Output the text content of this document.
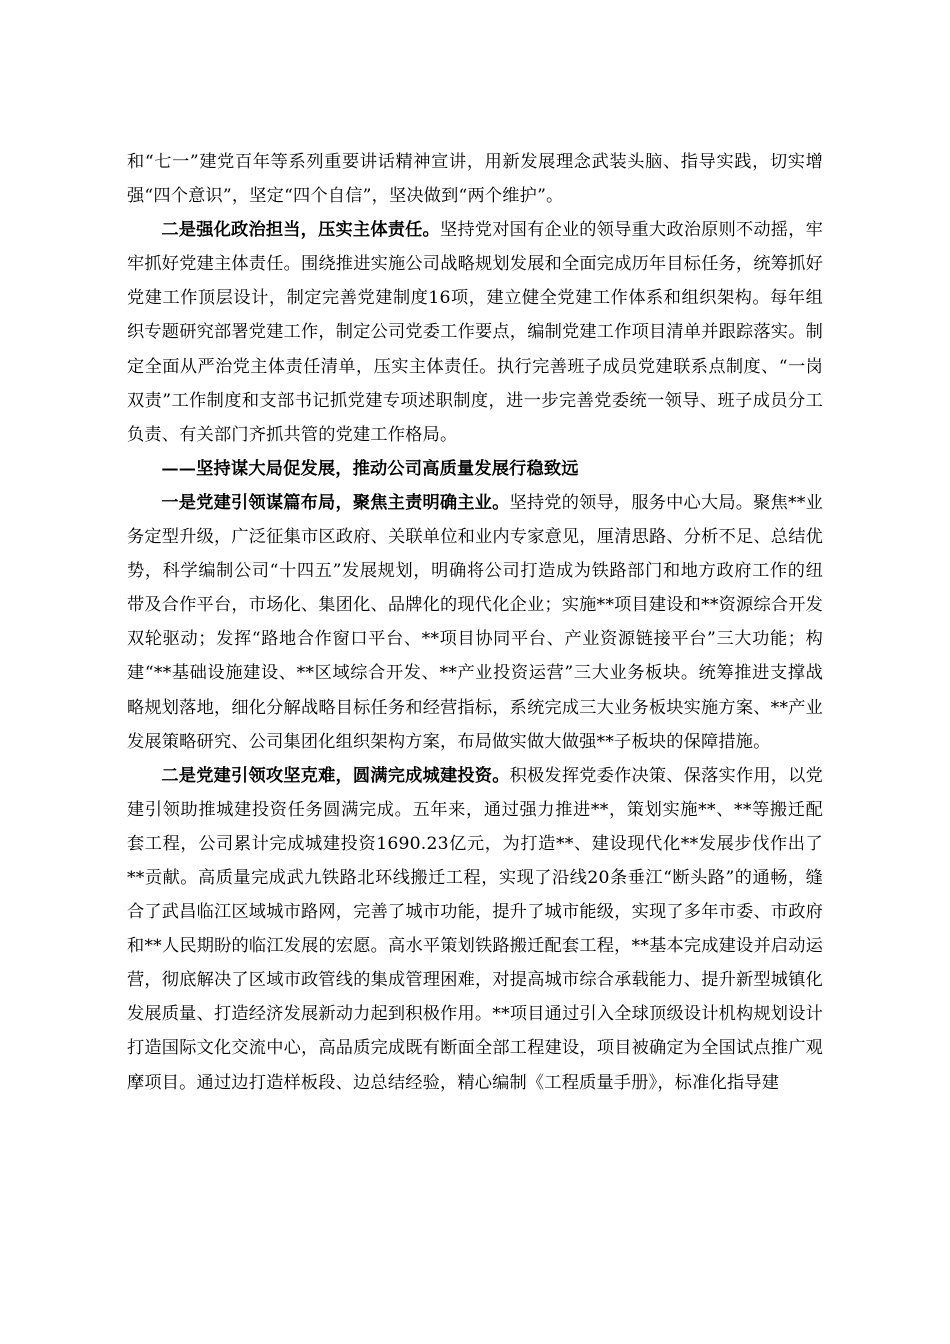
和“七一”建党百年等系列重要讲话精神宣讲，用新发展理念武装头脑、指导实践，切实增强“四个意识”，坚定“四个自信”，坚决做到“两个维护”。

二是强化政治担当，压实主体责任。坚持党对国有企业的领导重大政治原则不动摇，牢牢抓好党建主体责任。围绕推进实施公司战略规划发展和全面完成历年目标任务，统筹抓好党建工作顶层设计，制定完善党建制度16项，建立健全党建工作体系和组织架构。每年组织专题研究部署党建工作，制定公司党委工作要点，编制党建工作项目清单并跟踪落实。制定全面从严治党主体责任清单，压实主体责任。执行完善班子成员党建联系点制度、“一岗双责”工作制度和支部书记抓党建专项述职制度，进一步完善党委统一领导、班子成员分工负责、有关部门齐抓共管的党建工作格局。

——坚持谋大局促发展，推动公司高质量发展行稳致远

一是党建引领谋篇布局，聚焦主责明确主业。坚持党的领导，服务中心大局。聚焦**业务定型升级，广泛征集市区政府、关联单位和业内专家意见，厘清思路、分析不足、总结优势，科学编制公司“十四五”发展规划，明确将公司打造成为铁路部门和地方政府工作的纽带及合作平台，市场化、集团化、品牌化的现代化企业；实施**项目建设和**资源综合开发双轮驱动；发挥“路地合作窗口平台、**项目协同平台、产业资源链接平台”三大功能；构建“**基础设施建设、**区域综合开发、**产业投资运营”三大业务板块。统筹推进支撑战略规划落地，细化分解战略目标任务和经营指标，系统完成三大业务板块实施方案、**产业发展策略研究、公司集团化组织架构方案，布局做实做大做强**子板块的保障措施。

二是党建引领攻坚克难，圆满完成城建投资。积极发挥党委作决策、保落实作用，以党建引领助推城建投资任务圆满完成。五年来，通过强力推进**，策划实施**、**等搬迁配套工程，公司累计完成城建投资1690.23亿元，为打造**、建设现代化**发展步伐作出了**贡献。高质量完成武九铁路北环线搬迁工程，实现了沿线20条垂江“断头路”的通畅，缝合了武昌临江区域城市路网，完善了城市功能，提升了城市能级，实现了多年市委、市政府和**人民期盼的临江发展的宏愿。高水平策划铁路搬迁配套工程，**基本完成建设并启动运营，彻底解决了区域市政管线的集成管理困难，对提高城市综合承载能力、提升新型城镇化发展质量、打造经济发展新动力起到积极作用。**项目通过引入全球顶级设计机构规划设计打造国际文化交流中心，高品质完成既有断面全部工程建设，项目被确定为全国试点推广观摩项目。通过边打造样板段、边总结经验，精心编制《工程质量手册》，标准化指导建
